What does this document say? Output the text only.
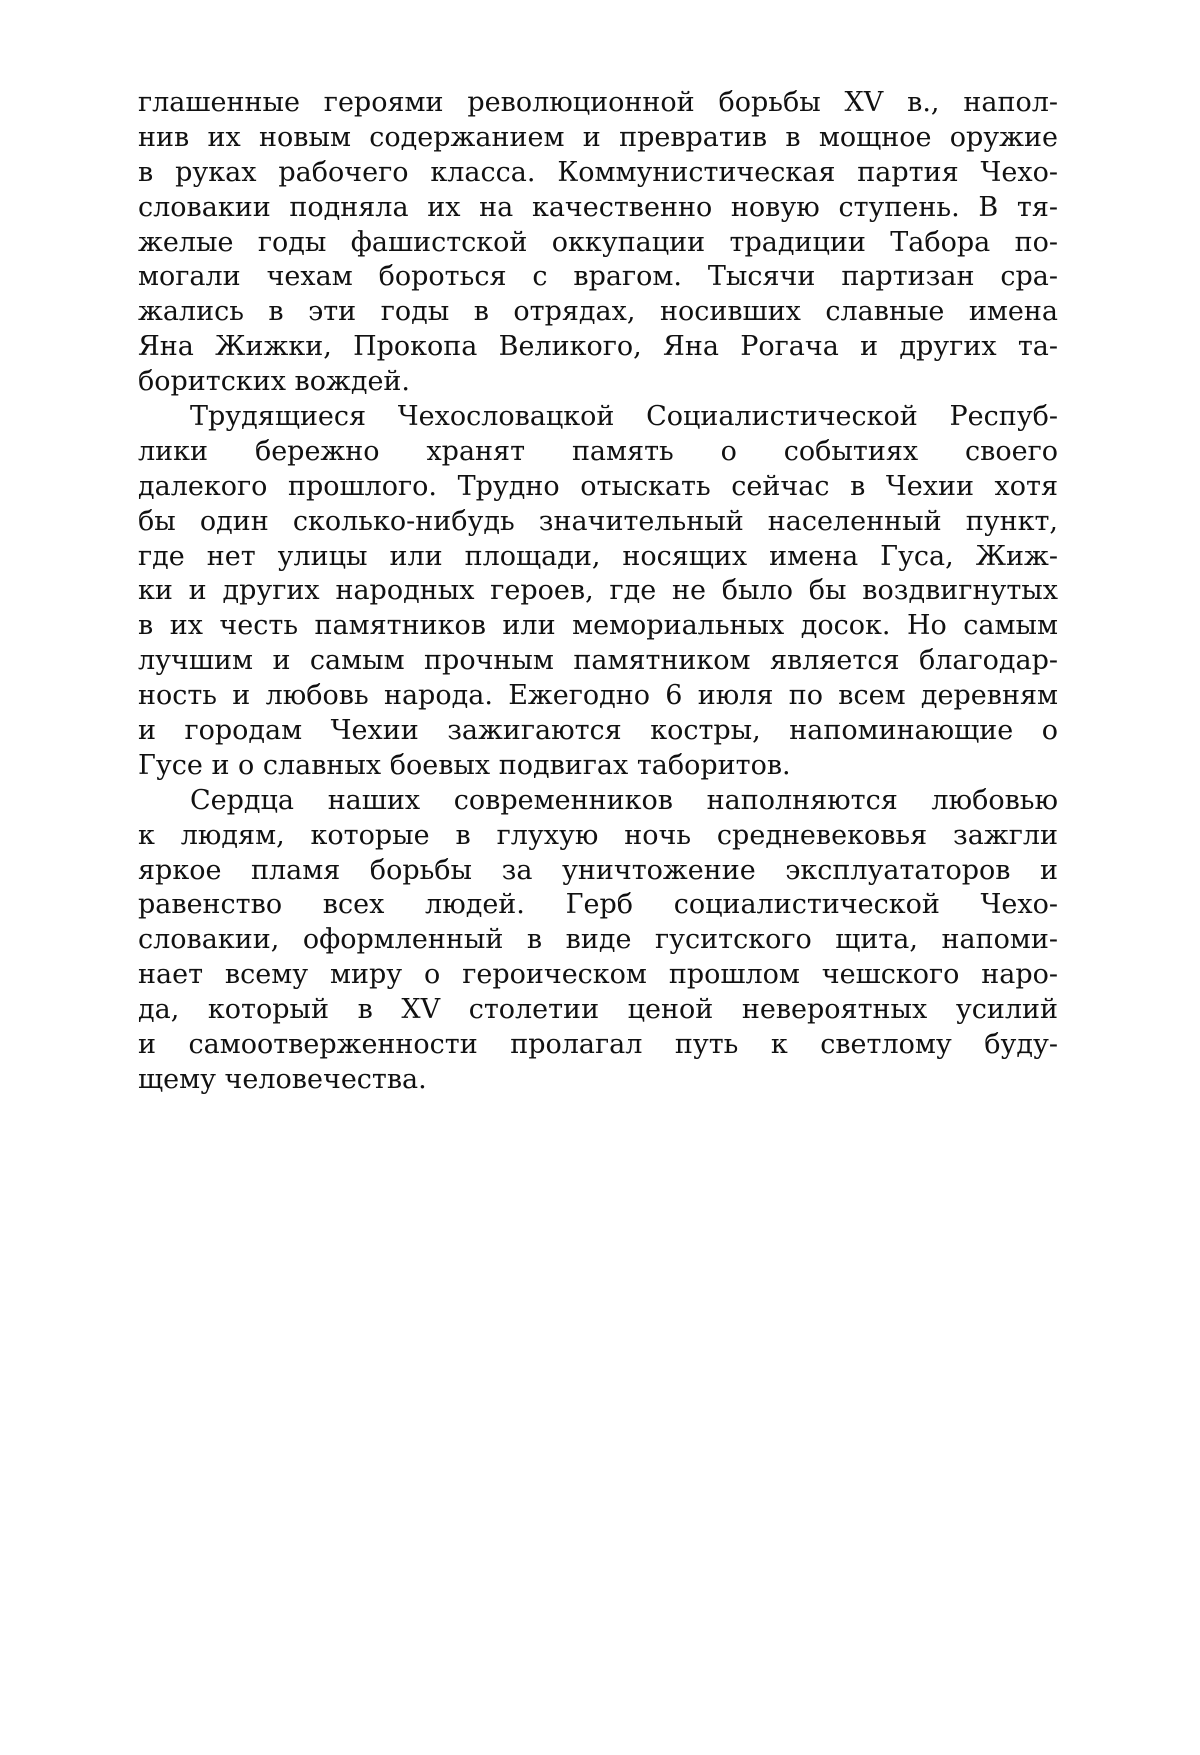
глашенные героями революционной борьбы XV в., напол-
нив их новым содержанием и превратив в мощное оружие
в руках рабочего класса. Коммунистическая партия Чехо-
словакии подняла их на качественно новую ступень. В тя-
желые годы фашистской оккупации традиции Табора по-
могали чехам бороться с врагом. Тысячи партизан сра-
жались в эти годы в отрядах, носивших славные имена
Яна Жижки, Прокопа Великого, Яна Рогача и других та-
боритских вождей.
Трудящиеся Чехословацкой Социалистической Респуб-
лики бережно хранят память о событиях своего
далекого прошлого. Трудно отыскать сейчас в Чехии хотя
бы один сколько-нибудь значительный населенный пункт,
где нет улицы или площади, носящих имена Гуса, Жиж-
ки и других народных героев, где не было бы воздвигнутых
в их честь памятников или мемориальных досок. Но самым
лучшим и самым прочным памятником является благодар-
ность и любовь народа. Ежегодно 6 июля по всем деревням
и городам Чехии зажигаются костры, напоминающие о
Гусе и о славных боевых подвигах таборитов.
Сердца наших современников наполняются любовью
к людям, которые в глухую ночь средневековья зажгли
яркое пламя борьбы за уничтожение эксплуататоров и
равенство всех людей. Герб социалистической Чехо-
словакии, оформленный в виде гуситского щита, напоми-
нает всему миру о героическом прошлом чешского наро-
да, который в XV столетии ценой невероятных усилий
и самоотверженности пролагал путь к светлому буду-
щему человечества.
